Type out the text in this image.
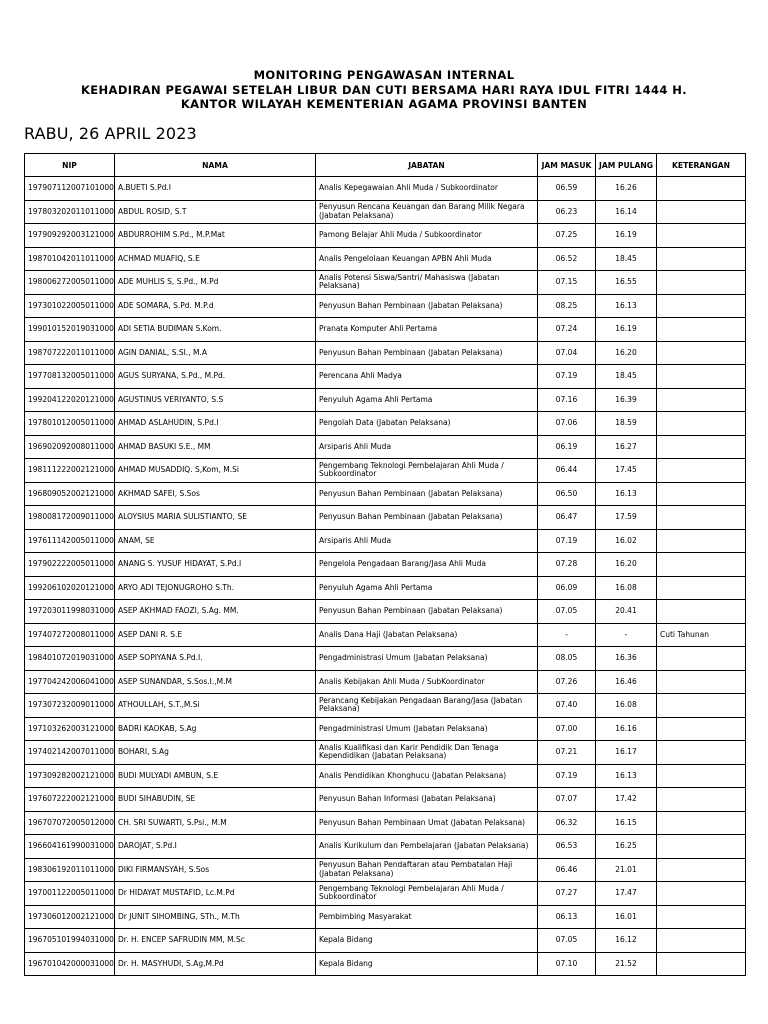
MONITORING PENGAWASAN INTERNAL
KEHADIRAN PEGAWAI SETELAH LIBUR DAN CUTI BERSAMA HARI RAYA IDUL FITRI 1444 H.
KANTOR WILAYAH KEMENTERIAN AGAMA PROVINSI BANTEN
RABU, 26 APRIL 2023
NIP	NAMA	JABATAN	JAM MASUK	JAM PULANG	KETERANGAN
197907112007101000	A.BUETI S.Pd.I	Analis Kepegawaian Ahli Muda / Subkoordinator	06.59	16.26	
197803202011011000	ABDUL ROSID, S.T	Penyusun Rencana Keuangan dan Barang Milik Negara (Jabatan Pelaksana)	06.23	16.14	
197909292003121000	ABDURROHIM S.Pd., M.P.Mat	Pamong Belajar Ahli Muda / Subkoordinator	07.25	16.19	
198701042011011000	ACHMAD MUAFIQ, S.E	Analis Pengelolaan Keuangan APBN Ahli Muda	06.52	18.45	
198006272005011000	ADE MUHLIS S, S.Pd., M.Pd	Analis Potensi Siswa/Santri/ Mahasiswa (Jabatan Pelaksana)	07.15	16.55	
197301022005011000	ADE SOMARA, S.Pd. M.P.d	Penyusun Bahan Pembinaan (Jabatan Pelaksana)	08.25	16.13	
199010152019031000	ADI SETIA BUDIMAN S.Kom.	Pranata Komputer Ahli Pertama	07.24	16.19	
198707222011011000	AGIN DANIAL, S.SI., M.A	Penyusun Bahan Pembinaan (Jabatan Pelaksana)	07.04	16.20	
197708132005011000	AGUS SURYANA, S.Pd., M.Pd.	Perencana Ahli Madya	07.19	18.45	
199204122020121000	AGUSTINUS VERIYANTO, S.S	Penyuluh Agama Ahli Pertama	07.16	16.39	
197801012005011000	AHMAD ASLAHUDIN, S.Pd.I	Pengolah Data (Jabatan Pelaksana)	07.06	18.59	
196902092008011000	AHMAD BASUKI S.E., MM	Arsiparis Ahli Muda	06.19	16.27	
198111222002121000	AHMAD MUSADDIQ. S,Kom, M.Si	Pengembang Teknologi Pembelajaran Ahli Muda / Subkoordinator	06.44	17.45	
196809052002121000	AKHMAD SAFEI, S.Sos	Penyusun Bahan Pembinaan (Jabatan Pelaksana)	06.50	16.13	
198008172009011000	ALOYSIUS MARIA SULISTIANTO, SE	Penyusun Bahan Pembinaan (Jabatan Pelaksana)	06.47	17.59	
197611142005011000	ANAM, SE	Arsiparis Ahli Muda	07.19	16.02	
197902222005011000	ANANG S. YUSUF HIDAYAT, S.Pd.I	Pengelola Pengadaan Barang/Jasa Ahli Muda	07.28	16.20	
199206102020121000	ARYO ADI TEJONUGROHO S.Th.	Penyuluh Agama Ahli Pertama	06.09	16.08	
197203011998031000	ASEP AKHMAD FAOZI, S.Ag. MM.	Penyusun Bahan Pembinaan (Jabatan Pelaksana)	07.05	20.41	
197407272008011000	ASEP DANI R. S.E	Analis Dana Haji (Jabatan Pelaksana)	-	-	Cuti Tahunan
198401072019031000	ASEP SOPIYANA S.Pd.I.	Pengadministrasi Umum (Jabatan Pelaksana)	08.05	16.36	
197704242006041000	ASEP SUNANDAR, S.Sos.I.,M.M	Analis Kebijakan Ahli Muda / SubKoordinator	07.26	16.46	
197307232009011000	ATHOULLAH, S.T.,M.Si	Perancang Kebijakan Pengadaan Barang/Jasa (Jabatan Pelaksana)	07.40	16.08	
197103262003121000	BADRI KAOKAB, S.Ag	Pengadministrasi Umum (Jabatan Pelaksana)	07.00	16.16	
197402142007011000	BOHARI, S.Ag	Analis Kualifikasi dan Karir Pendidik Dan Tenaga Kependidikan (Jabatan Pelaksana)	07.21	16.17	
197309282002121000	BUDI MULYADI AMBUN, S.E	Analis Pendidikan Khonghucu (Jabatan Pelaksana)	07.19	16.13	
197607222002121000	BUDI SIHABUDIN, SE	Penyusun Bahan Informasi (Jabatan Pelaksana)	07.07	17.42	
196707072005012000	CH. SRI SUWARTI, S.Psi., M.M	Penyusun Bahan Pembinaan Umat (Jabatan Pelaksana)	06.32	16.15	
196604161990031000	DAROJAT, S.Pd.I	Analis Kurikulum dan Pembelajaran (Jabatan Pelaksana)	06.53	16.25	
198306192011011000	DIKI FIRMANSYAH, S.Sos	Penyusun Bahan Pendaftaran atau Pembatalan Haji (Jabatan Pelaksana)	06.46	21.01	
197001122005011000	Dr HIDAYAT MUSTAFID, Lc.M.Pd	Pengembang Teknologi Pembelajaran Ahli Muda / Subkoordinator	07.27	17.47	
197306012002121000	Dr JUNIT SIHOMBING, STh., M.Th	Pembimbing Masyarakat	06.13	16.01	
196705101994031000	Dr. H. ENCEP SAFRUDIN MM, M.Sc	Kepala Bidang	07.05	16.12	
196701042000031000	Dr. H. MASYHUDI, S.Ag,M.Pd	Kepala Bidang	07.10	21.52	
